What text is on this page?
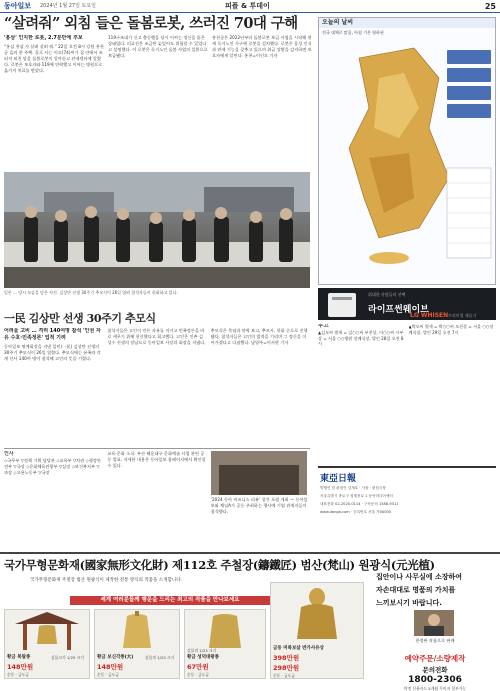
동아일보 2024년 1월 27일 토요일	피플 & 투데이	25
“살려줘” 외침 들은 돌봄로봇, 쓰러진 70대 구해
'홍삼' 인지한 로봇, 2.7분만에 후보
“홍삼 홍삼 사 살려 살려 줘.” 22일 오전 8시 강원 홍천군 읍의 한 주택. 홀로 사는 이모(74)씨가 집 안에서 쓰러져 외친 말을 돌봄로봇이 알아듣고 관제센터에 알렸다. 로봇은 보호자와 119에 연락했고 이씨는 병원으로 옮겨져 치료를 받았다.
119구조대가 신고 출동했을 당시 이씨는 정신을 잃은 상태였다. 의료진은 조금만 늦었어도 위험할 수 있었다고 설명했다. 이 로봇은 독거노인 돌봄 사업의 일환으로 보급됐다.
홍천군은 2022년부터 돌봄로봇 보급 사업을 시작해 현재 독거노인 가구에 로봇을 설치했다. 로봇은 음성 인식과 관제 기능을 갖추고 있으며 위급 상황을 감지하면 보호자에게 알린다. 홍천=이인모 기자
일본 … 당시 모습을 담은 사진. 김상만 선생 30주기 추모식이 26일 열려 참석자들이 헌화하고 있다.
一民 김상만 선생 30주기 추모식
어려울 고비 … 격려 140여명 참석 '인권 자유 수호·민족정론' 업적 기려
동아일보 명예회장을 지낸 일민(一民) 김상만 선생의 30주기 추모식이 26일 열렸다. 추모식에는 유족과 각계 인사 140여 명이 참석해 고인의 뜻을 기렸다.
참석자들은 고인이 언론 자유를 지키고 민족정론을 바로 세우기 위해 헌신했다고 회고했다. 고인은 인촌 김성수 선생의 장남으로 동아일보 사장과 회장을 지냈다.
추모식은 묵념과 약력 보고, 추모사, 헌화 순으로 진행됐다. 참석자들은 고인의 업적을 기리며 그 정신을 이어가겠다고 다짐했다. 남양주=이서현 기자
인사
◇국무부 ▽정책 기획 담당관 ◇교육부 ▽차관 ◇행정안전부 ▽국장 ◇문화체육관광부 ▽실장 ◇보건복지부 ▽과장 ◇고용노동부 ▽국장
교육·문화 소식: 부산 해운대구 문화예술 사업 관련 공동 발표. 자세한 내용은 동아일보 홈페이지에서 확인할 수 있다.
‘2024 동아 비즈니스 리뷰’ 창간 포럼 개최 — 동아일보와 채널A가 공동 주최하는 행사에 기업 관계자들이 참석했다.
오늘의 날씨
전국 대체로 맑음, 아침 기온 영하권
위대한 사람들의 선택
라이프썬웨이브
LG WHISEN 프리미엄 제습기
부고
▲김모씨 별세 = 김○○씨 부친상, 이○○씨 시부상 = 서울 ○○병원 장례식장, 발인 28일 오전 8시
▲박모씨 별세 = 박○○씨 모친상 = 서울 ○○장례식장, 발인 29일 오전 7시
東亞日報
발행인 겸 편집인 김재호 · 사장 · 편집국장
서울특별시 종로구 청계천로 1 동아미디어센터
대표전화 02-2020-0114 · 구독문의 1588-9311
www.donga.com · 등록번호 서울 가00000
국가무형문화재(國家無形文化財) 제112호 주철장(鑄鐵匠) 범산(梵山) 원광식(元光植)
국가무형문화재 주철장 범산 원광식이 제작한 전통 방식의 작품을 소개합니다.
세계 여러분들께 행운을 드리는 최고의 작품을 만나보세요
황금 복탑종	실물크기 1/25 크기
148만원
순동 · 금도금
황금 보신각종(大)	실물의 1/25 크기
148만원
순동 · 금도금
황금 성덕대왕종
실물의 1/25 크기
67만원
순동 · 금도금
금동 미륵보살 반가사유상
398만원
298만원
순동 · 금도금
집안이나 사무실에 소장하여
자손대대로 명품의 가치를
느끼보시기 바랍니다.
한정판 작품으로 판매
예약주문/소량제작
문의전화
1800-2306
약정 신용카드 5개월 무이자 할부가능
